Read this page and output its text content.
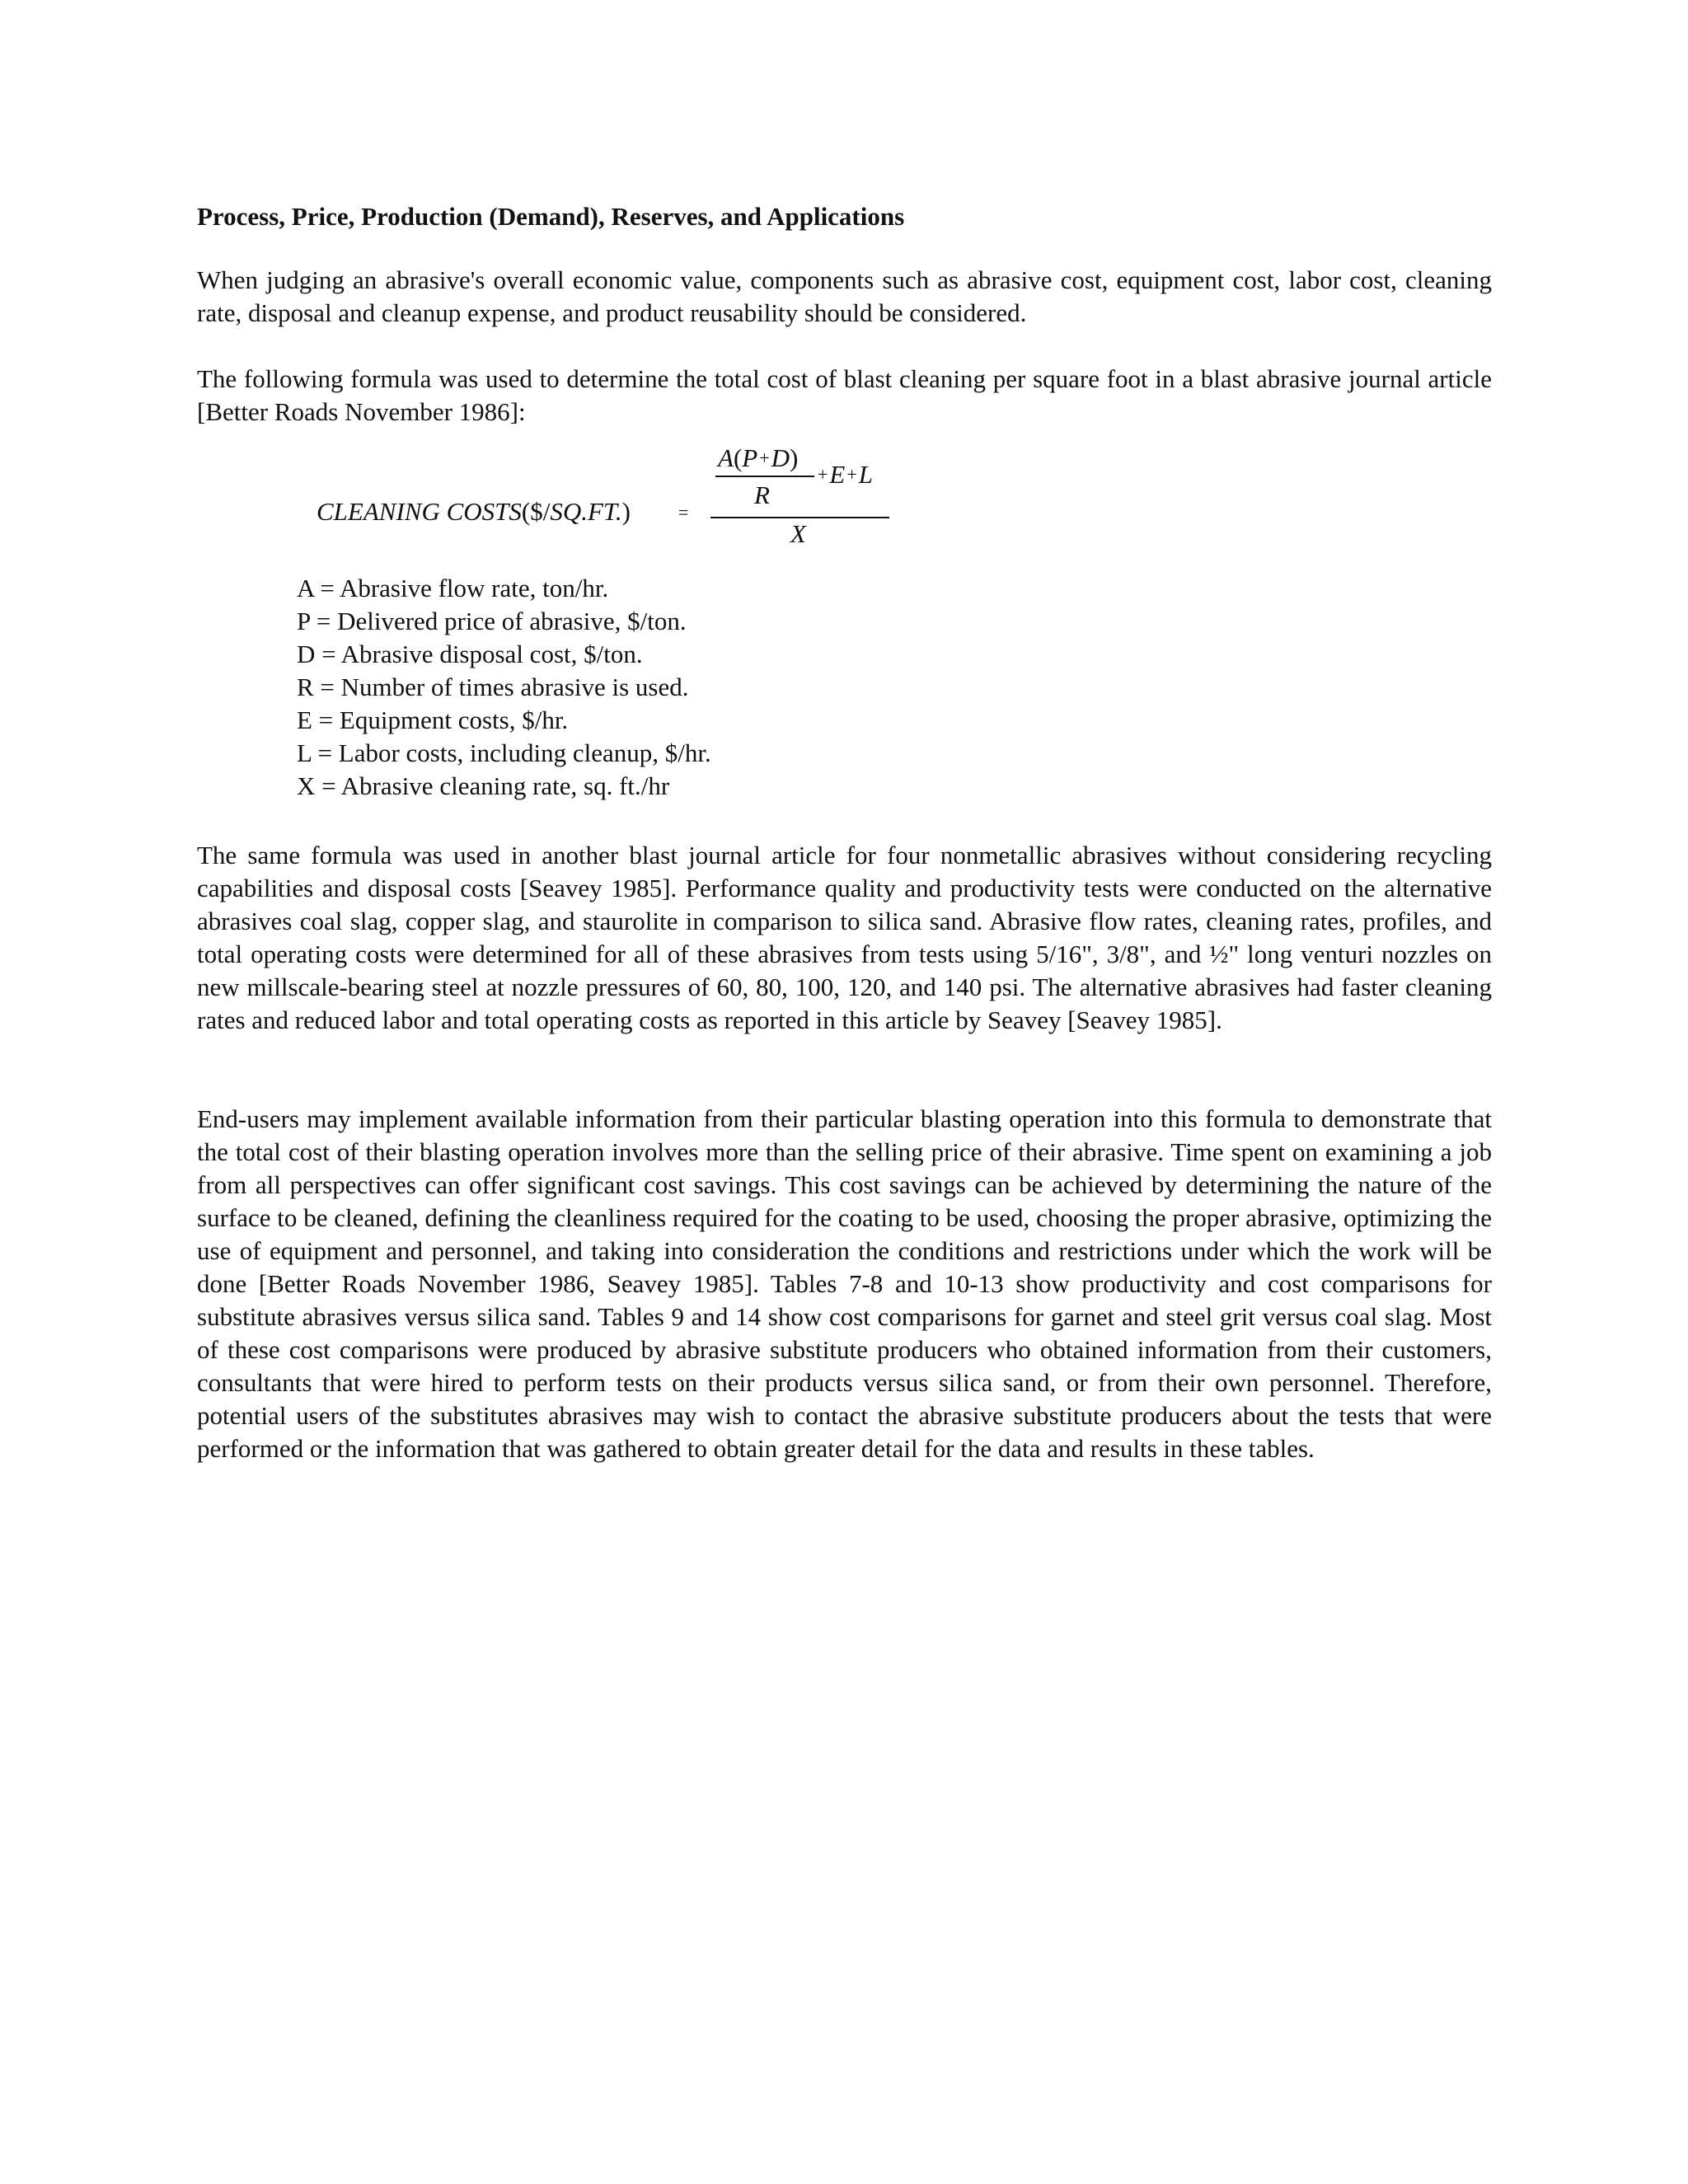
Process, Price, Production (Demand), Reserves, and Applications

When judging an abrasive's overall economic value, components such as abrasive cost, equipment cost, labor cost, cleaning rate, disposal and cleanup expense, and product reusability should be considered.

The following formula was used to determine the total cost of blast cleaning per square foot in a blast abrasive journal article [Better Roads November 1986]:

CLEANING COSTS($/SQ.FT.)	=
A(P+D)
+E+L
R
X
A = Abrasive flow rate, ton/hr.
P = Delivered price of abrasive, $/ton.
D = Abrasive disposal cost, $/ton.
R = Number of times abrasive is used.
E = Equipment costs, $/hr.
L = Labor costs, including cleanup, $/hr.
X = Abrasive cleaning rate, sq. ft./hr

The same formula was used in another blast journal article for four nonmetallic abrasives without considering recycling capabilities and disposal costs [Seavey 1985]. Performance quality and productivity tests were conducted on the alternative abrasives coal slag, copper slag, and staurolite in comparison to silica sand. Abrasive flow rates, cleaning rates, profiles, and total operating costs were determined for all of these abrasives from tests using 5/16", 3/8", and ½" long venturi nozzles on new millscale-bearing steel at nozzle pressures of 60, 80, 100, 120, and 140 psi. The alternative abrasives had faster cleaning rates and reduced labor and total operating costs as reported in this article by Seavey [Seavey 1985].

End-users may implement available information from their particular blasting operation into this formula to demonstrate that the total cost of their blasting operation involves more than the selling price of their abrasive. Time spent on examining a job from all perspectives can offer significant cost savings. This cost savings can be achieved by determining the nature of the surface to be cleaned, defining the cleanliness required for the coating to be used, choosing the proper abrasive, optimizing the use of equipment and personnel, and taking into consideration the conditions and restrictions under which the work will be done [Better Roads November 1986, Seavey 1985]. Tables 7-8 and 10-13 show productivity and cost comparisons for substitute abrasives versus silica sand. Tables 9 and 14 show cost comparisons for garnet and steel grit versus coal slag. Most of these cost comparisons were produced by abrasive substitute producers who obtained information from their customers, consultants that were hired to perform tests on their products versus silica sand, or from their own personnel. Therefore, potential users of the substitutes abrasives may wish to contact the abrasive substitute producers about the tests that were performed or the information that was gathered to obtain greater detail for the data and results in these tables.
